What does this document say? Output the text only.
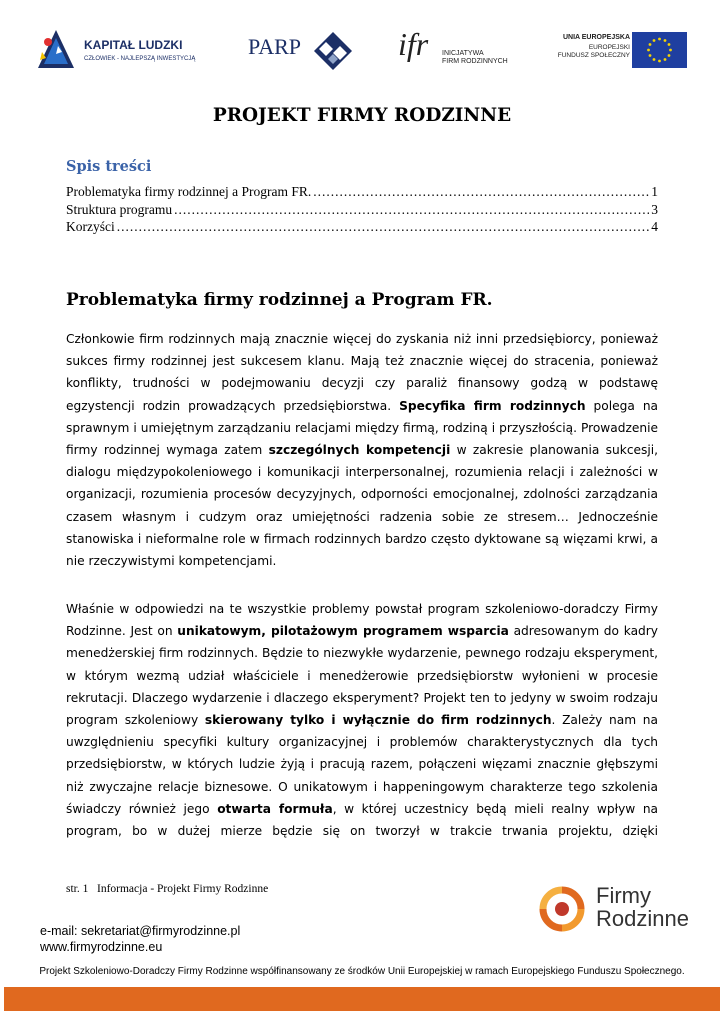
KAPITAŁ LUDZKI
CZŁOWIEK - NAJLEPSZĄ INWESTYCJĄ PARP	ifr INICJATYWA
FIRM RODZINNYCH
UNIA EUROPEJSKA
EUROPEJSKI
FUNDUSZ SPOŁECZNY
PROJEKT FIRMY RODZINNE
Spis treści
Problematyka firmy rodzinnej a Program FR. .....	1
Struktura programu .....	3
Korzyści .....	4
Problematyka firmy rodzinnej a Program FR.
Członkowie firm rodzinnych mają znacznie więcej do zyskania niż inni przedsiębiorcy, ponieważ
sukces firmy rodzinnej jest sukcesem klanu. Mają też znacznie więcej do stracenia, ponieważ
konflikty, trudności w podejmowaniu decyzji czy paraliż finansowy godzą w podstawę
egzystencji rodzin prowadzących przedsiębiorstwa. Specyfika firm rodzinnych polega na
sprawnym i umiejętnym zarządzaniu relacjami między firmą, rodziną i przyszłością. Prowadzenie
firmy rodzinnej wymaga zatem szczególnych kompetencji w zakresie planowania sukcesji,
dialogu międzypokoleniowego i komunikacji interpersonalnej, rozumienia relacji i zależności w
organizacji, rozumienia procesów decyzyjnych, odporności emocjonalnej, zdolności zarządzania
czasem własnym i cudzym oraz umiejętności radzenia sobie ze stresem… Jednocześnie
stanowiska i nieformalne role w firmach rodzinnych bardzo często dyktowane są więzami krwi, a
nie rzeczywistymi kompetencjami.
Właśnie w odpowiedzi na te wszystkie problemy powstał program szkoleniowo-doradczy Firmy
Rodzinne. Jest on unikatowym, pilotażowym programem wsparcia adresowanym do kadry
menedżerskiej firm rodzinnych. Będzie to niezwykłe wydarzenie, pewnego rodzaju eksperyment,
w którym wezmą udział właściciele i menedżerowie przedsiębiorstw wyłonieni w procesie
rekrutacji. Dlaczego wydarzenie i dlaczego eksperyment? Projekt ten to jedyny w swoim rodzaju
program szkoleniowy skierowany tylko i wyłącznie do firm rodzinnych. Zależy nam na
uwzględnieniu specyfiki kultury organizacyjnej i problemów charakterystycznych dla tych
przedsiębiorstw, w których ludzie żyją i pracują razem, połączeni więzami znacznie głębszymi
niż zwyczajne relacje biznesowe. O unikatowym i happeningowym charakterze tego szkolenia
świadczy również jego otwarta formuła, w której uczestnicy będą mieli realny wpływ na
program, bo w dużej mierze będzie się on tworzył w trakcie trwania projektu, dzięki
str. 1 Informacja - Projekt Firmy Rodzinne	Firmy
Rodzinne
e-mail: sekretariat@firmyrodzinne.pl
www.firmyrodzinne.eu
Projekt Szkoleniowo-Doradczy Firmy Rodzinne współfinansowany ze środków Unii Europejskiej w ramach Europejskiego Funduszu Społecznego.
